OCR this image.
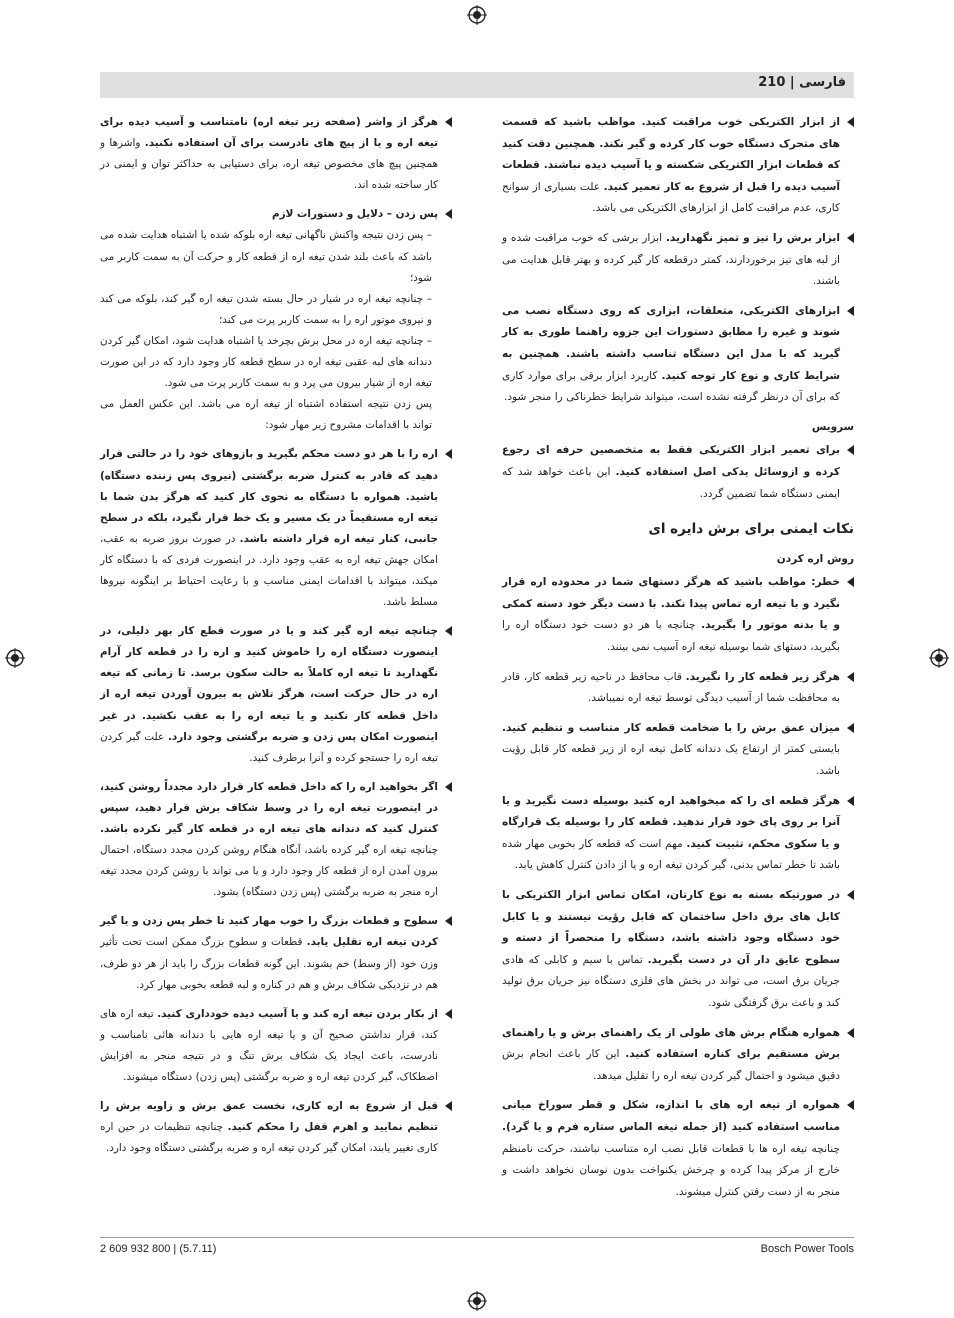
فارسی | 210
از ابزار الکتریکی خوب مراقبت کنید. مواظب باشید که قسمت های متحرک دستگاه خوب کار کرده و گیر نکند. همچنین دقت کنید که قطعات ابزار الکتریکی شکسته و یا آسیب دیده نباشند. قطعات آسیب دیده را قبل از شروع به کار تعمیر کنید. علت بسیاری از سوانح کاری، عدم مراقبت کامل از ابزارهای الکتریکی می باشد.
ابزار برش را تیز و تمیز نگهدارید. ابزار برشی که خوب مراقبت شده و از لبه های تیز برخوردارند، کمتر درقطعه کار گیر کرده و بهتر قابل هدایت می باشند.
ابزارهای الکتریکی، متعلقات، ابزاری که روی دستگاه نصب می شوند و غیره را مطابق دستورات این جزوه راهنما طوری به کار گیرید که با مدل این دستگاه تناسب داشته باشند. همچنین به شرایط کاری و نوع کار توجه کنید. کاربرد ابزار برقی برای موارد کاری که برای آن درنظر گرفته نشده است، میتواند شرایط خطرناکی را منجر شود.
سرویس
برای تعمیر ابزار الکتریکی فقط به متخصصین حرفه ای رجوع کرده و ازوسائل یدکی اصل استفاده کنید. این باعث خواهد شد که ایمنی دستگاه شما تضمین گردد.
نکات ایمنی برای برش دایره ای
روش اره کردن
خطر: مواظب باشید که هرگز دستهای شما در محدوده اره قرار نگیرد و با تیغه اره تماس پیدا نکند. با دست دیگر خود دسته کمکی و یا بدنه موتور را بگیرید. چنانچه با هر دو دست خود دستگاه اره را بگیرید، دستهای شما بوسیله تیغه اره آسیب نمی بینند.
هرگز زیر قطعه کار را نگیرید. قاب محافظ در ناحیه زیر قطعه کار، قادر به محافظت شما از آسیب دیدگی توسط تیغه اره نمیباشد.
میزان عمق برش را با ضخامت قطعه کار متناسب و تنظیم کنید. بایستی کمتر از ارتفاع یک دندانه کامل تیغه اره از زیر قطعه کار قابل رؤیت باشد.
هرگز قطعه ای را که میخواهید اره کنید بوسیله دست نگیرید و یا آنرا بر روی پای خود قرار ندهید. قطعه کار را بوسیله یک قرارگاه و یا سکوی محکم، تثبیت کنید. مهم است که قطعه کار بخوبی مهار شده باشد تا خطر تماس بدنی، گیر کردن تیغه اره و یا از دادن کنترل کاهش یابد.
در صورتیکه بسته به نوع کارتان، امکان تماس ابزار الکتریکی با کابل های برق داخل ساختمان که قابل رؤیت نیستند و یا کابل خود دستگاه وجود داشته باشد، دستگاه را منحصراً از دسته و سطوح عایق دار آن در دست بگیرید. تماس با سیم و کابلی که هادی جریان برق است، می تواند در بخش های فلزی دستگاه نیز جریان برق تولید کند و باعث برق گرفتگی شود.
همواره هنگام برش های طولی از یک راهنمای برش و یا راهنمای برش مستقیم برای کناره استفاده کنید. این کار باعث انجام برش دقیق میشود و احتمال گیر کردن تیغه اره را تقلیل میدهد.
همواره از تیغه اره های با اندازه، شکل و قطر سوراخ میانی مناسب استفاده کنید (از جمله تیغه الماس ستاره فرم و یا گرد). چنانچه تیغه اره ها با قطعات قابل نصب اره متناسب نباشند، حرکت نامنظم خارج از مرکز پیدا کرده و چرخش یکنواخت بدون نوسان نخواهد داشت و منجر به از دست رفتن کنترل میشوند.
هرگز از واشر (صفحه زیر تیغه اره) نامتناسب و آسیب دیده برای تیغه اره و یا از پیچ های نادرست برای آن استفاده نکنید. واشرها و همچنین پیچ های مخصوص تیغه اره، برای دستیابی به حداکثر توان و ایمنی در کار ساخته شده اند.
پس زدن – دلایل و دستورات لازم
– پس زدن نتیجه واکنش ناگهانی تیغه اره بلوکه شده یا اشتباه هدایت شده می باشد که باعث بلند شدن تیغه اره از قطعه کار و حرکت آن به سمت کاربر می شود؛
– چنانچه تیغه اره در شیار در حال بسته شدن تیغه اره گیر کند، بلوکه می کند و نیروی موتور اره را به سمت کاربر پرت می کند؛
– چنانچه تیغه اره در محل برش بچرخد یا اشتباه هدایت شود، امکان گیر کردن دندانه های لبه عقبی تیغه اره در سطح قطعه کار وجود دارد که در این صورت تیغه اره از شیار بیرون می پرد و به سمت کاربر پرت می شود.
پس زدن نتیجه استفاده اشتباه از تیغه اره می باشد. این عکس العمل می تواند با اقدامات مشروح زیر مهار شود:
اره را با هر دو دست محکم بگیرید و بازوهای خود را در حالتی قرار دهید که قادر به کنترل ضربه برگشتی (نیروی پس زننده دستگاه) باشید. همواره با دستگاه به نحوی کار کنید که هرگز بدن شما با تیغه اره مستقیماً در یک مسیر و یک خط قرار نگیرد، بلکه در سطح جانبی، کنار تیغه اره قرار داشته باشد. در صورت بروز ضربه به عقب، امکان جهش تیغه اره به عقب وجود دارد. در اینصورت فردی که با دستگاه کار میکند، میتواند با اقدامات ایمنی مناسب و با رعایت احتیاط بر اینگونه نیروها مسلط باشد.
چنانچه تیغه اره گیر کند و یا در صورت قطع کار بهر دلیلی، در اینصورت دستگاه اره را خاموش کنید و اره را در قطعه کار آرام نگهدارید تا تیغه اره کاملاً به حالت سکون برسد. تا زمانی که تیغه اره در حال حرکت است، هرگز تلاش به بیرون آوردن تیغه اره از داخل قطعه کار نکنید و یا تیغه اره را به عقب نکشید. در غیر اینصورت امکان پس زدن و ضربه برگشتی وجود دارد. علت گیر کردن تیغه اره را جستجو کرده و آنرا برطرف کنید.
اگر بخواهید اره را که داخل قطعه کار قرار دارد مجدداً روشن کنید، در اینصورت تیغه اره را در وسط شکاف برش قرار دهید، سپس کنترل کنید که دندانه های تیغه اره در قطعه کار گیر نکرده باشد. چنانچه تیغه اره گیر کرده باشد، آنگاه هنگام روشن کردن مجدد دستگاه، احتمال بیرون آمدن اره از قطعه کار وجود دارد و یا می تواند با روشن کردن مجدد تیغه اره منجر به ضربه برگشتی (پس زدن دستگاه) بشود.
سطوح و قطعات بزرگ را خوب مهار کنید تا خطر پس زدن و یا گیر کردن تیغه اره تقلیل یابد. قطعات و سطوح بزرگ ممکن است تحت تأثیر وزن خود (از وسط) خم بشوند. این گونه قطعات بزرگ را باید از هر دو طرف، هم در نزدیکی شکاف برش و هم در کناره و لبه قطعه بخوبی مهار کرد.
از بکار بردن تیغه اره کند و یا آسیب دیده خودداری کنید. تیغه اره های کند، قرار نداشتن صحیح آن و یا تیغه اره هایی با دندانه هائی نامناسب و نادرست، باعث ایجاد یک شکاف برش تنگ و در نتیجه منجر به افزایش اصطکاک، گیر کردن تیغه اره و ضربه برگشتی (پس زدن) دستگاه میشوند.
قبل از شروع به اره کاری، نخست عمق برش و زاویه برش را تنظیم نمایید و اهرم قفل را محکم کنید. چنانچه تنظیمات در حین اره کاری تغییر یابند، امکان گیر کردن تیغه اره و ضربه برگشتی دستگاه وجود دارد.
2 609 932 800 | (5.7.11)	Bosch Power Tools
